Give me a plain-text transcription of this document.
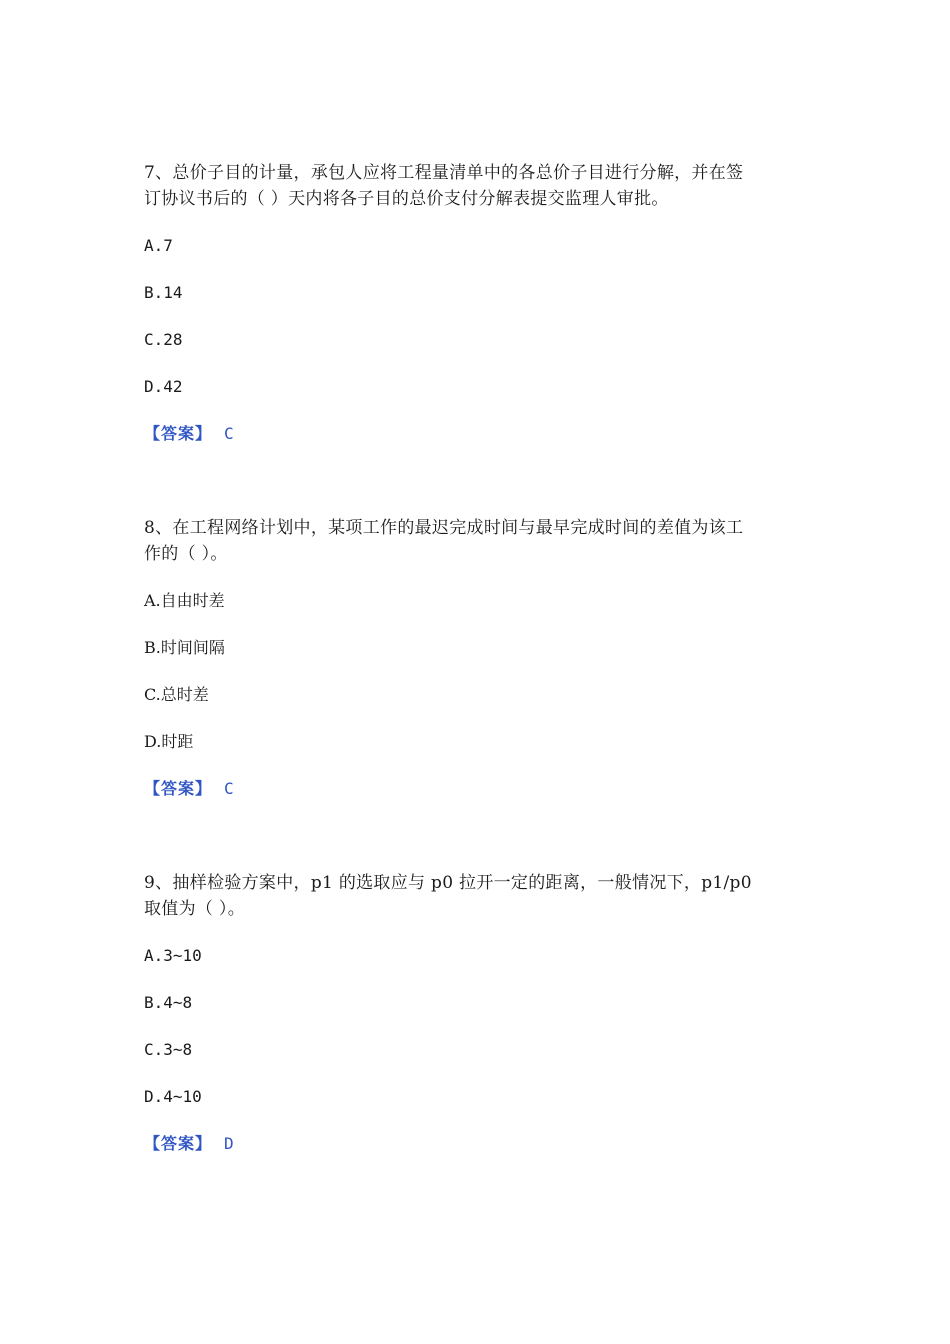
7、总价子目的计量，承包人应将工程量清单中的各总价子目进行分解，并在签
订协议书后的（ ）天内将各子目的总价支付分解表提交监理人审批。

A.7

B.14

C.28

D.42

【答案】 C

8、在工程网络计划中，某项工作的最迟完成时间与最早完成时间的差值为该工
作的（ ）。

A.自由时差

B.时间间隔

C.总时差

D.时距

【答案】 C

9、抽样检验方案中，p1 的选取应与 p0 拉开一定的距离，一般情况下，p1/p0
取值为（ ）。

A.3~10

B.4~8

C.3~8

D.4~10

【答案】 D
